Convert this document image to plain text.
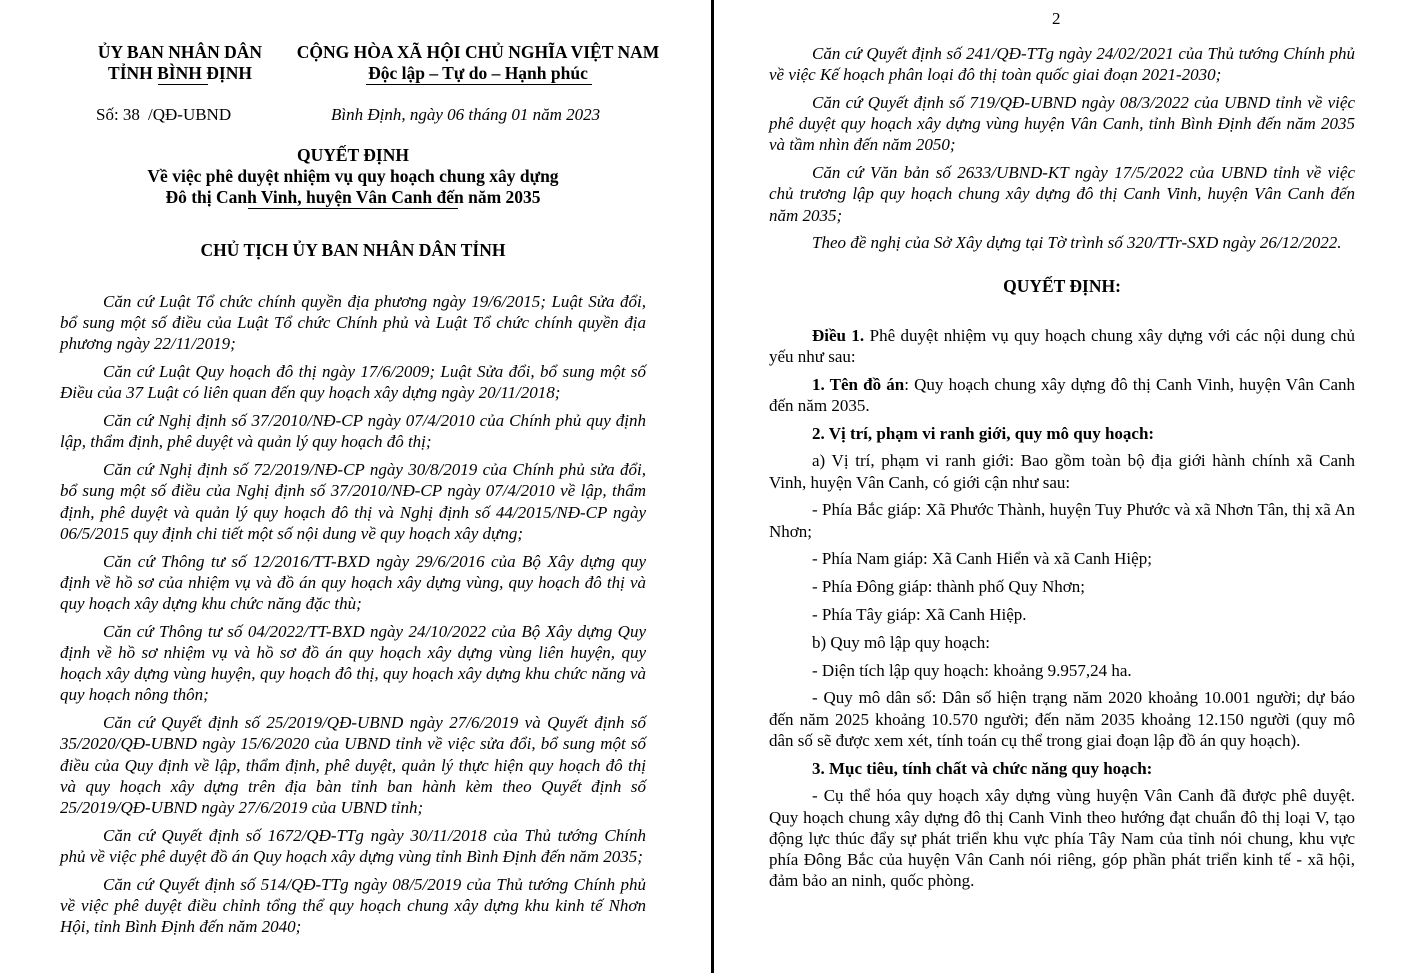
ỦY BAN NHÂN DÂN
TỈNH BÌNH ĐỊNH
CỘNG HÒA XÃ HỘI CHỦ NGHĨA VIỆT NAM
Độc lập – Tự do – Hạnh phúc
Số: 38 /QĐ-UBND	Bình Định, ngày 06 tháng 01 năm 2023
QUYẾT ĐỊNH
Về việc phê duyệt nhiệm vụ quy hoạch chung xây dựng
Đô thị Canh Vinh, huyện Vân Canh đến năm 2035
CHỦ TỊCH ỦY BAN NHÂN DÂN TỈNH

Căn cứ Luật Tổ chức chính quyền địa phương ngày 19/6/2015; Luật Sửa đổi, bổ sung một số điều của Luật Tổ chức Chính phủ và Luật Tổ chức chính quyền địa phương ngày 22/11/2019;

Căn cứ Luật Quy hoạch đô thị ngày 17/6/2009; Luật Sửa đổi, bổ sung một số Điều của 37 Luật có liên quan đến quy hoạch xây dựng ngày 20/11/2018;

Căn cứ Nghị định số 37/2010/NĐ-CP ngày 07/4/2010 của Chính phủ quy định lập, thẩm định, phê duyệt và quản lý quy hoạch đô thị;

Căn cứ Nghị định số 72/2019/NĐ-CP ngày 30/8/2019 của Chính phủ sửa đổi, bổ sung một số điều của Nghị định số 37/2010/NĐ-CP ngày 07/4/2010 về lập, thẩm định, phê duyệt và quản lý quy hoạch đô thị và Nghị định số 44/2015/NĐ-CP ngày 06/5/2015 quy định chi tiết một số nội dung về quy hoạch xây dựng;

Căn cứ Thông tư số 12/2016/TT-BXD ngày 29/6/2016 của Bộ Xây dựng quy định về hồ sơ của nhiệm vụ và đồ án quy hoạch xây dựng vùng, quy hoạch đô thị và quy hoạch xây dựng khu chức năng đặc thù;

Căn cứ Thông tư số 04/2022/TT-BXD ngày 24/10/2022 của Bộ Xây dựng Quy định về hồ sơ nhiệm vụ và hồ sơ đồ án quy hoạch xây dựng vùng liên huyện, quy hoạch xây dựng vùng huyện, quy hoạch đô thị, quy hoạch xây dựng khu chức năng và quy hoạch nông thôn;

Căn cứ Quyết định số 25/2019/QĐ-UBND ngày 27/6/2019 và Quyết định số 35/2020/QĐ-UBND ngày 15/6/2020 của UBND tỉnh về việc sửa đổi, bổ sung một số điều của Quy định về lập, thẩm định, phê duyệt, quản lý thực hiện quy hoạch đô thị và quy hoạch xây dựng trên địa bàn tỉnh ban hành kèm theo Quyết định số 25/2019/QĐ-UBND ngày 27/6/2019 của UBND tỉnh;

Căn cứ Quyết định số 1672/QĐ-TTg ngày 30/11/2018 của Thủ tướng Chính phủ về việc phê duyệt đồ án Quy hoạch xây dựng vùng tỉnh Bình Định đến năm 2035;

Căn cứ Quyết định số 514/QĐ-TTg ngày 08/5/2019 của Thủ tướng Chính phủ về việc phê duyệt điều chỉnh tổng thể quy hoạch chung xây dựng khu kinh tế Nhơn Hội, tỉnh Bình Định đến năm 2040;

2

Căn cứ Quyết định số 241/QĐ-TTg ngày 24/02/2021 của Thủ tướng Chính phủ về việc Kế hoạch phân loại đô thị toàn quốc giai đoạn 2021-2030;

Căn cứ Quyết định số 719/QĐ-UBND ngày 08/3/2022 của UBND tỉnh về việc phê duyệt quy hoạch xây dựng vùng huyện Vân Canh, tỉnh Bình Định đến năm 2035 và tầm nhìn đến năm 2050;

Căn cứ Văn bản số 2633/UBND-KT ngày 17/5/2022 của UBND tỉnh về việc chủ trương lập quy hoạch chung xây dựng đô thị Canh Vinh, huyện Vân Canh đến năm 2035;

Theo đề nghị của Sở Xây dựng tại Tờ trình số 320/TTr-SXD ngày 26/12/2022.

QUYẾT ĐỊNH:

Điều 1. Phê duyệt nhiệm vụ quy hoạch chung xây dựng với các nội dung chủ yếu như sau:

1. Tên đồ án: Quy hoạch chung xây dựng đô thị Canh Vinh, huyện Vân Canh đến năm 2035.

2. Vị trí, phạm vi ranh giới, quy mô quy hoạch:

a) Vị trí, phạm vi ranh giới: Bao gồm toàn bộ địa giới hành chính xã Canh Vinh, huyện Vân Canh, có giới cận như sau:

- Phía Bắc giáp: Xã Phước Thành, huyện Tuy Phước và xã Nhơn Tân, thị xã An Nhơn;

- Phía Nam giáp: Xã Canh Hiển và xã Canh Hiệp;

- Phía Đông giáp: thành phố Quy Nhơn;

- Phía Tây giáp: Xã Canh Hiệp.

b) Quy mô lập quy hoạch:

- Diện tích lập quy hoạch: khoảng 9.957,24 ha.

- Quy mô dân số: Dân số hiện trạng năm 2020 khoảng 10.001 người; dự báo đến năm 2025 khoảng 10.570 người; đến năm 2035 khoảng 12.150 người (quy mô dân số sẽ được xem xét, tính toán cụ thể trong giai đoạn lập đồ án quy hoạch).

3. Mục tiêu, tính chất và chức năng quy hoạch:

- Cụ thể hóa quy hoạch xây dựng vùng huyện Vân Canh đã được phê duyệt. Quy hoạch chung xây dựng đô thị Canh Vinh theo hướng đạt chuẩn đô thị loại V, tạo động lực thúc đẩy sự phát triển khu vực phía Tây Nam của tỉnh nói chung, khu vực phía Đông Bắc của huyện Vân Canh nói riêng, góp phần phát triển kinh tế - xã hội, đảm bảo an ninh, quốc phòng.
